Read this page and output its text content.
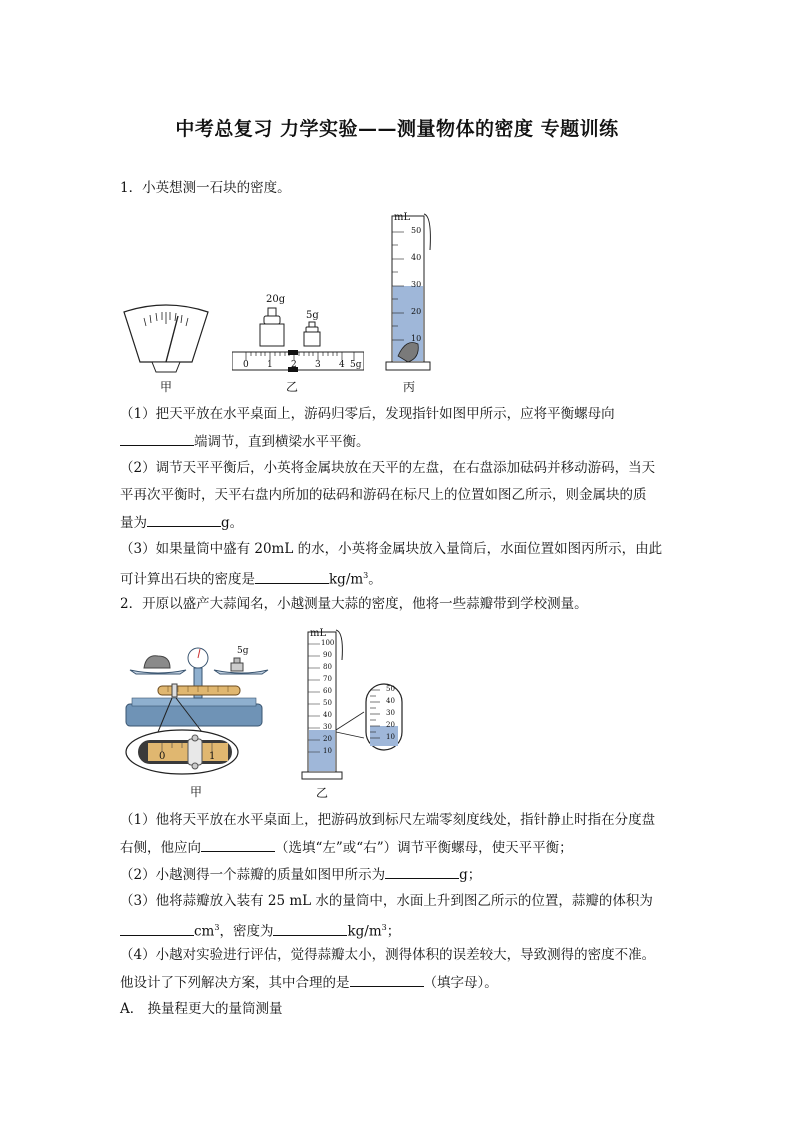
中考总复习 力学实验——测量物体的密度 专题训练
1．小英想测一石块的密度。
甲
20g
5g
0 1 2 3 4 5g
乙
mL
50
40
30
20
10
丙
（1）把天平放在水平桌面上，游码归零后，发现指针如图甲所示，应将平衡螺母向
端调节，直到横梁水平平衡。
（2）调节天平平衡后，小英将金属块放在天平的左盘，在右盘添加砝码并移动游码，当天
平再次平衡时，天平右盘内所加的砝码和游码在标尺上的位置如图乙所示，则金属块的质
量为	g。
（3）如果量筒中盛有 20mL 的水，小英将金属块放入量筒后，水面位置如图丙所示，由此
可计算出石块的密度是	$kg/m^3$。
2．开原以盛产大蒜闻名，小越测量大蒜的密度，他将一些蒜瓣带到学校测量。
5g
0	1
甲
mL
100
90
80
70
60
50
40
30
20
10
50
40
30
20
10
乙
（1）他将天平放在水平桌面上，把游码放到标尺左端零刻度线处，指针静止时指在分度盘
右侧，他应向	（选填“左”或“右”）调节平衡螺母，使天平平衡；
（2）小越测得一个蒜瓣的质量如图甲所示为	g；
（3）他将蒜瓣放入装有 25 mL 水的量筒中，水面上升到图乙所示的位置，蒜瓣的体积为
$cm^3$，密度为	$kg/m^3$；
（4）小越对实验进行评估，觉得蒜瓣太小，测得体积的误差较大，导致测得的密度不准。
他设计了下列解决方案，其中合理的是	（填字母）。
A． 换量程更大的量筒测量
